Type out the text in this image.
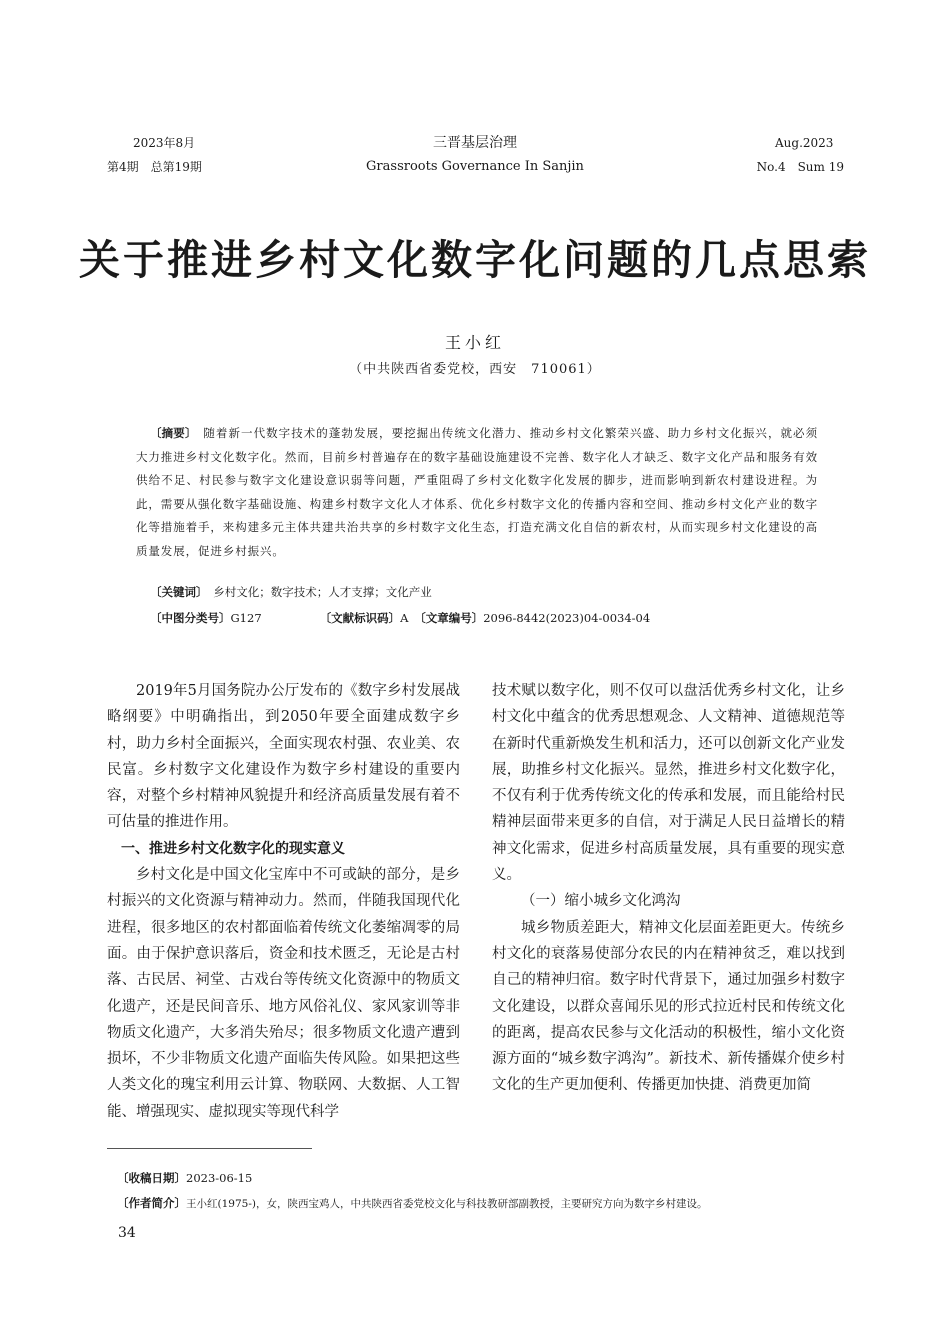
2023年8月
第4期　总第19期
三晋基层治理
Grassroots Governance In Sanjin
Aug.2023
No.4　Sum 19
关于推进乡村文化数字化问题的几点思索
王小红
（中共陕西省委党校，西安　710061）
〔摘要〕　 随着新一代数字技术的蓬勃发展，要挖掘出传统文化潜力、推动乡村文化繁荣兴盛、助力乡村文化振兴，就必须大力推进乡村文化数字化。然而，目前乡村普遍存在的数字基础设施建设不完善、数字化人才缺乏、数字文化产品和服务有效供给不足、村民参与数字文化建设意识弱等问题，严重阻碍了乡村文化数字化发展的脚步，进而影响到新农村建设进程。为此，需要从强化数字基础设施、构建乡村数字文化人才体系、优化乡村数字文化的传播内容和空间、推动乡村文化产业的数字化等措施着手，来构建多元主体共建共治共享的乡村数字文化生态，打造充满文化自信的新农村，从而实现乡村文化建设的高质量发展，促进乡村振兴。
〔关键词〕　 乡村文化；数字技术；人才支撑；文化产业
〔中图分类号〕G127	〔文献标识码〕A　 〔文章编号〕2096-8442(2023)04-0034-04

2019年5月国务院办公厅发布的《数字乡村发展战略纲要》中明确指出，到2050年要全面建成数字乡村，助力乡村全面振兴，全面实现农村强、农业美、农民富。乡村数字文化建设作为数字乡村建设的重要内容，对整个乡村精神风貌提升和经济高质量发展有着不可估量的推进作用。

一、推进乡村文化数字化的现实意义

乡村文化是中国文化宝库中不可或缺的部分，是乡村振兴的文化资源与精神动力。然而，伴随我国现代化进程，很多地区的农村都面临着传统文化萎缩凋零的局面。由于保护意识落后，资金和技术匮乏，无论是古村落、古民居、祠堂、古戏台等传统文化资源中的物质文化遗产，还是民间音乐、地方风俗礼仪、家风家训等非物质文化遗产，大多消失殆尽；很多物质文化遗产遭到损坏，不少非物质文化遗产面临失传风险。如果把这些人类文化的瑰宝利用云计算、物联网、大数据、人工智能、增强现实、虚拟现实等现代科学

技术赋以数字化，则不仅可以盘活优秀乡村文化，让乡村文化中蕴含的优秀思想观念、人文精神、道德规范等在新时代重新焕发生机和活力，还可以创新文化产业发展，助推乡村文化振兴。显然，推进乡村文化数字化，不仅有利于优秀传统文化的传承和发展，而且能给村民精神层面带来更多的自信，对于满足人民日益增长的精神文化需求，促进乡村高质量发展，具有重要的现实意义。

（一）缩小城乡文化鸿沟

城乡物质差距大，精神文化层面差距更大。传统乡村文化的衰落易使部分农民的内在精神贫乏，难以找到自己的精神归宿。数字时代背景下，通过加强乡村数字文化建设，以群众喜闻乐见的形式拉近村民和传统文化的距离，提高农民参与文化活动的积极性，缩小文化资源方面的“城乡数字鸿沟”。新技术、新传播媒介使乡村文化的生产更加便利、传播更加快捷、消费更加简

〔收稿日期〕2023-06-15
〔作者简介〕王小红(1975-)，女，陕西宝鸡人，中共陕西省委党校文化与科技教研部副教授，主要研究方向为数字乡村建设。
34
